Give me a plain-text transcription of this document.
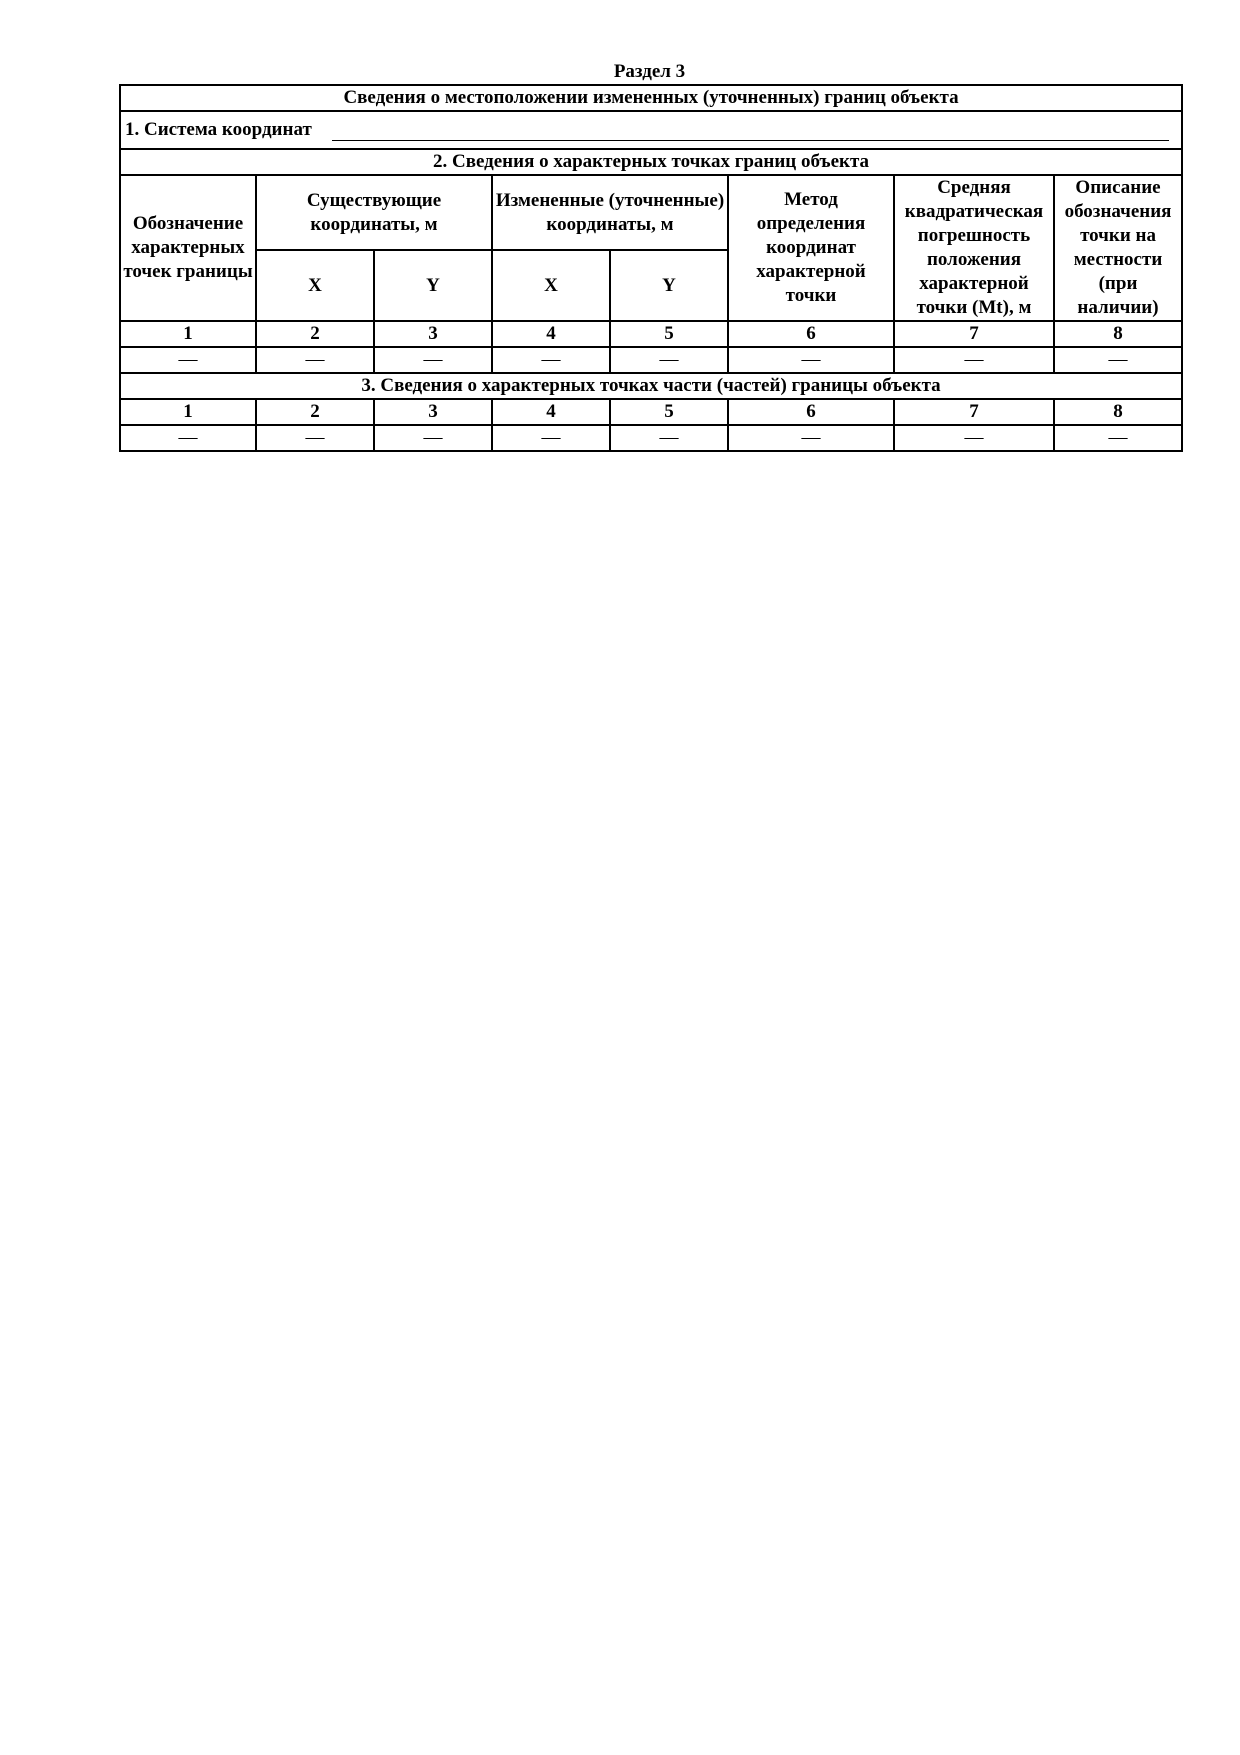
Раздел 3
Сведения о местоположении измененных (уточненных) границ объекта							

1. Система координат							

2. Сведения о характерных точках границ объекта							
Обозначение характерных точек границы	Существующие координаты, м		Измененные (уточненные) координаты, м		Метод определения координат характерной точки	Средняя квадратическая погрешность положения характерной точки (Mt), м	Описание обозначения точки на местности (при наличии)
	X	Y	X	Y			
1	2	3	4	5	6	7	8
—	—	—	—	—	—	—	—
3. Сведения о характерных точках части (частей) границы объекта							
1	2	3	4	5	6	7	8
—	—	—	—	—	—	—	—
